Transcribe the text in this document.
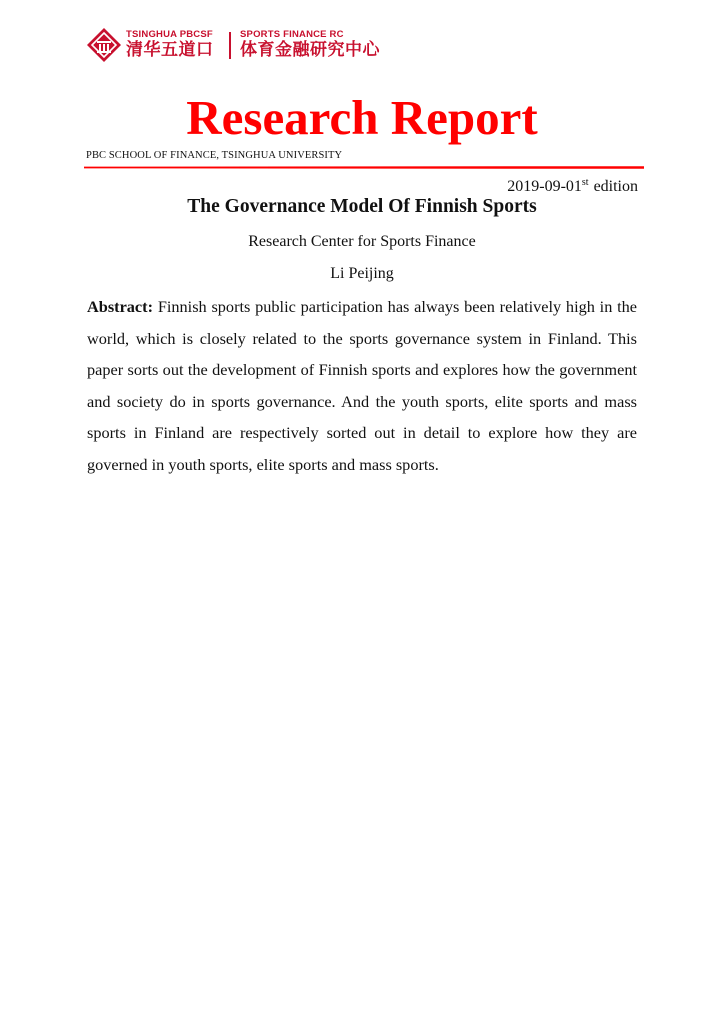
TSINGHUA PBCSF
清华五道口
SPORTS FINANCE RC
体育金融研究中心
Research Report
PBC SCHOOL OF FINANCE, TSINGHUA UNIVERSITY
2019-09-01st edition
The Governance Model Of Finnish Sports
Research Center for Sports Finance
Li Peijing

Abstract: Finnish sports public participation has always been relatively high in the world, which is closely related to the sports governance system in Finland. This paper sorts out the development of Finnish sports and explores how the government and society do in sports governance. And the youth sports, elite sports and mass sports in Finland are respectively sorted out in detail to explore how they are governed in youth sports, elite sports and mass sports.
